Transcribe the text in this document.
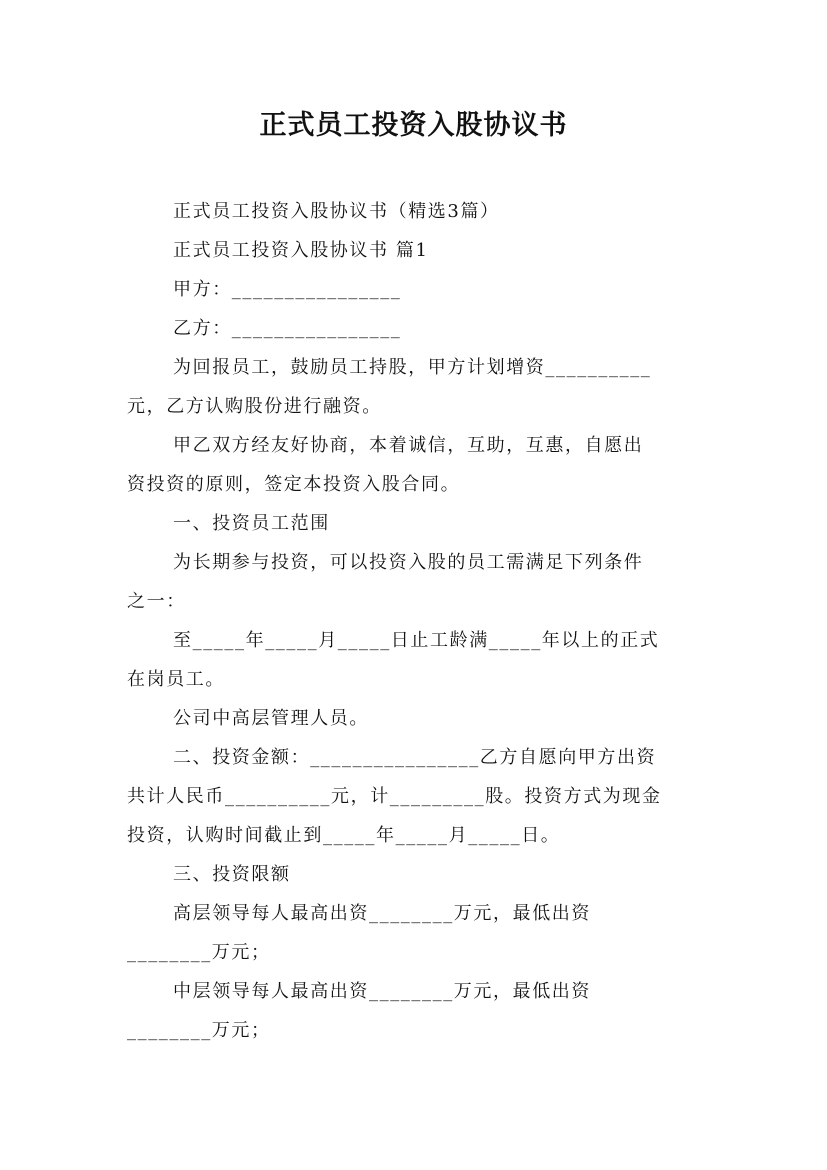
正式员工投资入股协议书
正式员工投资入股协议书（精选3篇）
正式员工投资入股协议书 篇1
甲方：________________
乙方：________________
为回报员工，鼓励员工持股，甲方计划增资__________
元，乙方认购股份进行融资。
甲乙双方经友好协商，本着诚信，互助，互惠，自愿出
资投资的原则，签定本投资入股合同。
一、投资员工范围
为长期参与投资，可以投资入股的员工需满足下列条件
之一：
至_____年_____月_____日止工龄满_____年以上的正式
在岗员工。
公司中高层管理人员。
二、投资金额：________________乙方自愿向甲方出资
共计人民币__________元，计_________股。投资方式为现金
投资，认购时间截止到_____年_____月_____日。
三、投资限额
高层领导每人最高出资________万元，最低出资
________万元；
中层领导每人最高出资________万元，最低出资
________万元；
